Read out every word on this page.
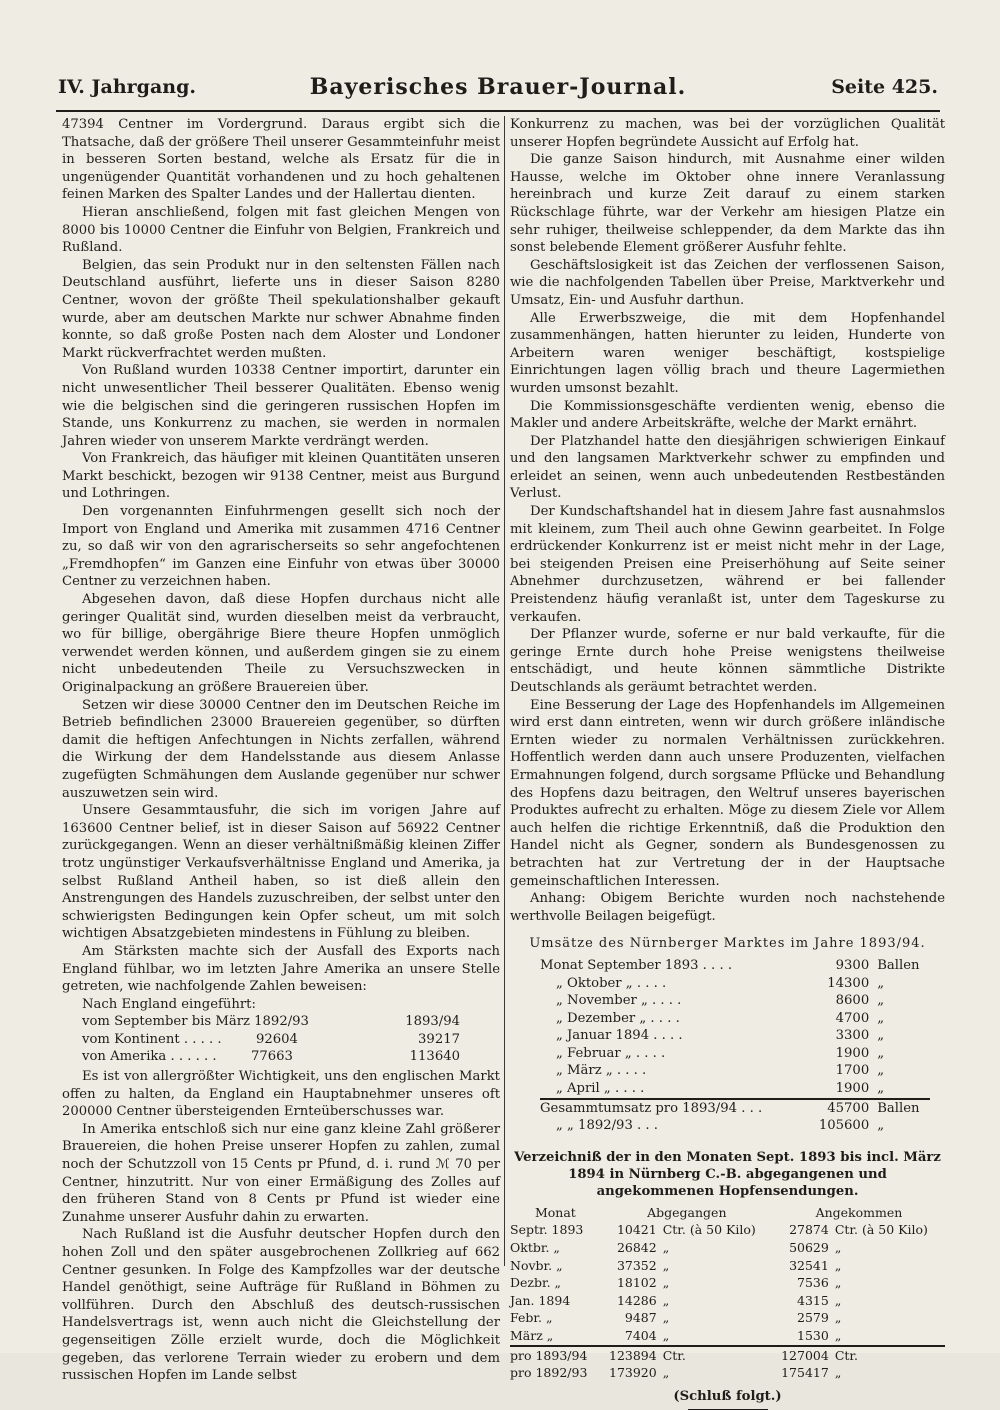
IV. Jahrgang.	Bayerisches Brauer-Journal.	Seite 425.

47394 Centner im Vordergrund. Daraus ergibt sich die Thatsache, daß der größere Theil unserer Gesammteinfuhr meist in besseren Sorten bestand, welche als Ersatz für die in ungenügender Quantität vorhandenen und zu hoch gehaltenen feinen Marken des Spalter Landes und der Hallertau dienten.

Hieran anschließend, folgen mit fast gleichen Mengen von 8000 bis 10000 Centner die Einfuhr von Belgien, Frankreich und Rußland.

Belgien, das sein Produkt nur in den seltensten Fällen nach Deutschland ausführt, lieferte uns in dieser Saison 8280 Centner, wovon der größte Theil spekulationshalber gekauft wurde, aber am deutschen Markte nur schwer Abnahme finden konnte, so daß große Posten nach dem Aloster und Londoner Markt rückverfrachtet werden mußten.

Von Rußland wurden 10338 Centner importirt, darunter ein nicht unwesentlicher Theil besserer Qualitäten. Ebenso wenig wie die belgischen sind die geringeren russischen Hopfen im Stande, uns Konkurrenz zu machen, sie werden in normalen Jahren wieder von unserem Markte verdrängt werden.

Von Frankreich, das häufiger mit kleinen Quantitäten unseren Markt beschickt, bezogen wir 9138 Centner, meist aus Burgund und Lothringen.

Den vorgenannten Einfuhrmengen gesellt sich noch der Import von England und Amerika mit zusammen 4716 Centner zu, so daß wir von den agrarischerseits so sehr angefochtenen „Fremdhopfen“ im Ganzen eine Einfuhr von etwas über 30000 Centner zu verzeichnen haben.

Abgesehen davon, daß diese Hopfen durchaus nicht alle geringer Qualität sind, wurden dieselben meist da verbraucht, wo für billige, obergährige Biere theure Hopfen unmöglich verwendet werden können, und außerdem gingen sie zu einem nicht unbedeutenden Theile zu Versuchszwecken in Originalpackung an größere Brauereien über.

Setzen wir diese 30000 Centner den im Deutschen Reiche im Betrieb befindlichen 23000 Brauereien gegenüber, so dürften damit die heftigen Anfechtungen in Nichts zerfallen, während die Wirkung der dem Handelsstande aus diesem Anlasse zugefügten Schmähungen dem Auslande gegenüber nur schwer auszuwetzen sein wird.

Unsere Gesammtausfuhr, die sich im vorigen Jahre auf 163600 Centner belief, ist in dieser Saison auf 56922 Centner zurückgegangen. Wenn an dieser verhältnißmäßig kleinen Ziffer trotz ungünstiger Verkaufsverhältnisse England und Amerika, ja selbst Rußland Antheil haben, so ist dieß allein den Anstrengungen des Handels zuzuschreiben, der selbst unter den schwierigsten Bedingungen kein Opfer scheut, um mit solch wichtigen Absatzgebieten mindestens in Fühlung zu bleiben.

Am Stärksten machte sich der Ausfall des Exports nach England fühlbar, wo im letzten Jahre Amerika an unsere Stelle getreten, wie nachfolgende Zahlen beweisen:

Nach England eingeführt:

vom September bis März 1892/93	1893/94
vom Kontinent . . . . . 92604	39217
von Amerika . . . . . . 77663	113640

Es ist von allergrößter Wichtigkeit, uns den englischen Markt offen zu halten, da England ein Hauptabnehmer unseres oft 200000 Centner übersteigenden Ernteüberschusses war.

In Amerika entschloß sich nur eine ganz kleine Zahl größerer Brauereien, die hohen Preise unserer Hopfen zu zahlen, zumal noch der Schutzzoll von 15 Cents pr Pfund, d. i. rund ℳ 70 per Centner, hinzutritt. Nur von einer Ermäßigung des Zolles auf den früheren Stand von 8 Cents pr Pfund ist wieder eine Zunahme unserer Ausfuhr dahin zu erwarten.

Nach Rußland ist die Ausfuhr deutscher Hopfen durch den hohen Zoll und den später ausgebrochenen Zollkrieg auf 662 Centner gesunken. In Folge des Kampfzolles war der deutsche Handel genöthigt, seine Aufträge für Rußland in Böhmen zu vollführen. Durch den Abschluß des deutsch-russischen Handelsvertrags ist, wenn auch nicht die Gleichstellung der gegenseitigen Zölle erzielt wurde, doch die Möglichkeit gegeben, das verlorene Terrain wieder zu erobern und dem russischen Hopfen im Lande selbst

Konkurrenz zu machen, was bei der vorzüglichen Qualität unserer Hopfen begründete Aussicht auf Erfolg hat.

Die ganze Saison hindurch, mit Ausnahme einer wilden Hausse, welche im Oktober ohne innere Veranlassung hereinbrach und kurze Zeit darauf zu einem starken Rückschlage führte, war der Verkehr am hiesigen Platze ein sehr ruhiger, theilweise schleppender, da dem Markte das ihn sonst belebende Element größerer Ausfuhr fehlte.

Geschäftslosigkeit ist das Zeichen der verflossenen Saison, wie die nachfolgenden Tabellen über Preise, Marktverkehr und Umsatz, Ein- und Ausfuhr darthun.

Alle Erwerbszweige, die mit dem Hopfenhandel zusammenhängen, hatten hierunter zu leiden, Hunderte von Arbeitern waren weniger beschäftigt, kostspielige Einrichtungen lagen völlig brach und theure Lagermiethen wurden umsonst bezahlt.

Die Kommissionsgeschäfte verdienten wenig, ebenso die Makler und andere Arbeitskräfte, welche der Markt ernährt.

Der Platzhandel hatte den diesjährigen schwierigen Einkauf und den langsamen Marktverkehr schwer zu empfinden und erleidet an seinen, wenn auch unbedeutenden Restbeständen Verlust.

Der Kundschaftshandel hat in diesem Jahre fast ausnahmslos mit kleinem, zum Theil auch ohne Gewinn gearbeitet. In Folge erdrückender Konkurrenz ist er meist nicht mehr in der Lage, bei steigenden Preisen eine Preiserhöhung auf Seite seiner Abnehmer durchzusetzen, während er bei fallender Preistendenz häufig veranlaßt ist, unter dem Tageskurse zu verkaufen.

Der Pflanzer wurde, soferne er nur bald verkaufte, für die geringe Ernte durch hohe Preise wenigstens theilweise entschädigt, und heute können sämmtliche Distrikte Deutschlands als geräumt betrachtet werden.

Eine Besserung der Lage des Hopfenhandels im Allgemeinen wird erst dann eintreten, wenn wir durch größere inländische Ernten wieder zu normalen Verhältnissen zurückkehren. Hoffentlich werden dann auch unsere Produzenten, vielfachen Ermahnungen folgend, durch sorgsame Pflücke und Behandlung des Hopfens dazu beitragen, den Weltruf unseres bayerischen Produktes aufrecht zu erhalten. Möge zu diesem Ziele vor Allem auch helfen die richtige Erkenntniß, daß die Produktion den Handel nicht als Gegner, sondern als Bundesgenossen zu betrachten hat zur Vertretung der in der Hauptsache gemeinschaftlichen Interessen.

Anhang: Obigem Berichte wurden noch nachstehende werthvolle Beilagen beigefügt.

Umsätze des Nürnberger Marktes im Jahre 1893/94.
Monat September 1893 . . . .	9300	Ballen
„ Oktober „ . . . .	14300	„
„ November „ . . . .	8600	„
„ Dezember „ . . . .	4700	„
„ Januar 1894 . . . .	3300	„
„ Februar „ . . . .	1900	„
„ März „ . . . .	1700	„
„ April „ . . . .	1900	„
Gesammtumsatz pro 1893/94 . . .	45700	Ballen
„ „ 1892/93 . . .	105600	„
Verzeichniß der in den Monaten Sept. 1893 bis incl. März 1894 in Nürnberg C.-B. abgegangenen und angekommenen Hopfensendungen.
Monat	Abgegangen		Angekommen	
Septr. 1893	10421	Ctr. (à 50 Kilo)	27874	Ctr. (à 50 Kilo)
Oktbr. „	26842	„	50629	„
Novbr. „	37352	„	32541	„
Dezbr. „	18102	„	7536	„
Jan. 1894	14286	„	4315	„
Febr. „	9487	„	2579	„
März „	7404	„	1530	„
pro 1893/94	123894	Ctr.	127004	Ctr.
pro 1892/93	173920	„	175417	„
(Schluß folgt.)
